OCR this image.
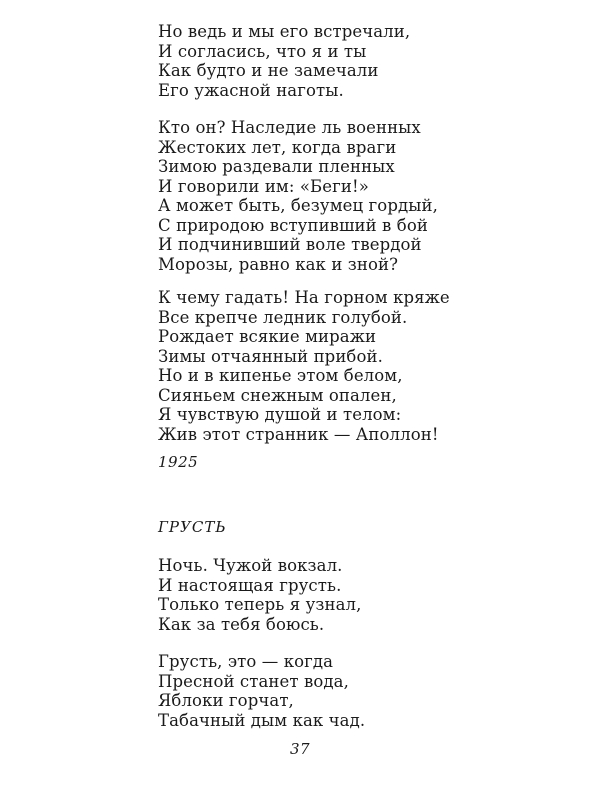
Но ведь и мы его встречали,
И согласись, что я и ты
Как будто и не замечали
Его ужасной наготы.
Кто он? Наследие ль военных
Жестоких лет, когда враги
Зимою раздевали пленных
И говорили им: «Беги!»
А может быть, безумец гордый,
С природою вступивший в бой
И подчинивший воле твердой
Морозы, равно как и зной?
К чему гадать! На горном кряже
Все крепче ледник голубой.
Рождает всякие миражи
Зимы отчаянный прибой.
Но и в кипенье этом белом,
Сияньем снежным опален,
Я чувствую душой и телом:
Жив этот странник — Аполлон!
1925
ГРУСТЬ
Ночь. Чужой вокзал.
И настоящая грусть.
Только теперь я узнал,
Как за тебя боюсь.
Грусть, это — когда
Пресной станет вода,
Яблоки горчат,
Табачный дым как чад.
37
